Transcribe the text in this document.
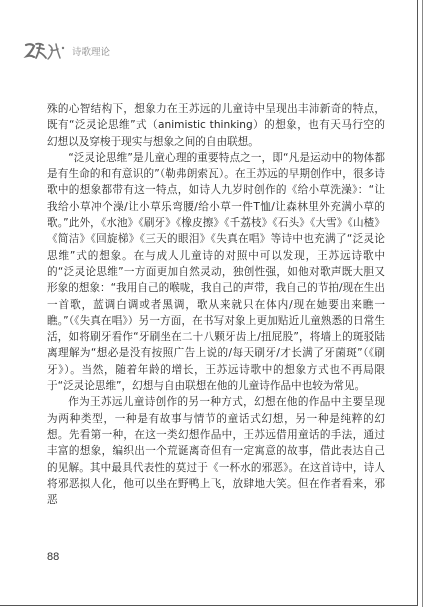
诗歌理论

殊的心智结构下，想象力在王苏远的儿童诗中呈现出丰沛新奇的特点，既有“泛灵论思维”式（animistic thinking）的想象，也有天马行空的幻想以及穿梭于现实与想象之间的自由联想。

“泛灵论思维”是儿童心理的重要特点之一，即“凡是运动中的物体都是有生命的和有意识的”（勒弗朗索瓦）。在王苏远的早期创作中，很多诗歌中的想象都带有这一特点，如诗人九岁时创作的《给小草洗澡》：“让我给小草冲个澡/让小草乐弯腰/给小草一件T恤/让森林里外充满小草的歌。”此外，《水池》《刷牙》《橡皮擦》《千荔枝》《石头》《大雪》《山楂》《简洁》《回旋梯》《三天的眼泪》《失真在唱》等诗中也充满了“泛灵论思维”式的想象。在与成人儿童诗的对照中可以发现，王苏远诗歌中的“泛灵论思维”一方面更加自然灵动，独创性强，如他对歌声既大胆又形象的想象：“我用自己的喉咙，我自己的声带，我自己的节拍/现在生出一首歌，蓝调白调或者黑调，歌从来就只在体内/现在她要出来瞧一瞧。”（《失真在唱》）另一方面，在书写对象上更加贴近儿童熟悉的日常生活，如将刷牙看作“牙刷坐在二十八颗牙齿上/扭屁股”，将墙上的斑驳陆离理解为“想必是没有按照广告上说的/每天刷牙/才长满了牙菌斑”（《刷牙》）。当然，随着年龄的增长，王苏远诗歌中的想象方式也不再局限于“泛灵论思维”，幻想与自由联想在他的儿童诗作品中也较为常见。

作为王苏远儿童诗创作的另一种方式，幻想在他的作品中主要呈现为两种类型，一种是有故事与情节的童话式幻想，另一种是纯粹的幻想。先看第一种，在这一类幻想作品中，王苏远借用童话的手法，通过丰富的想象，编织出一个荒诞离奇但有一定寓意的故事，借此表达自己的见解。其中最具代表性的莫过于《一杯水的邪恶》。在这首诗中，诗人将邪恶拟人化，他可以坐在野鸭上飞，放肆地大笑。但在作者看来，邪恶

88
